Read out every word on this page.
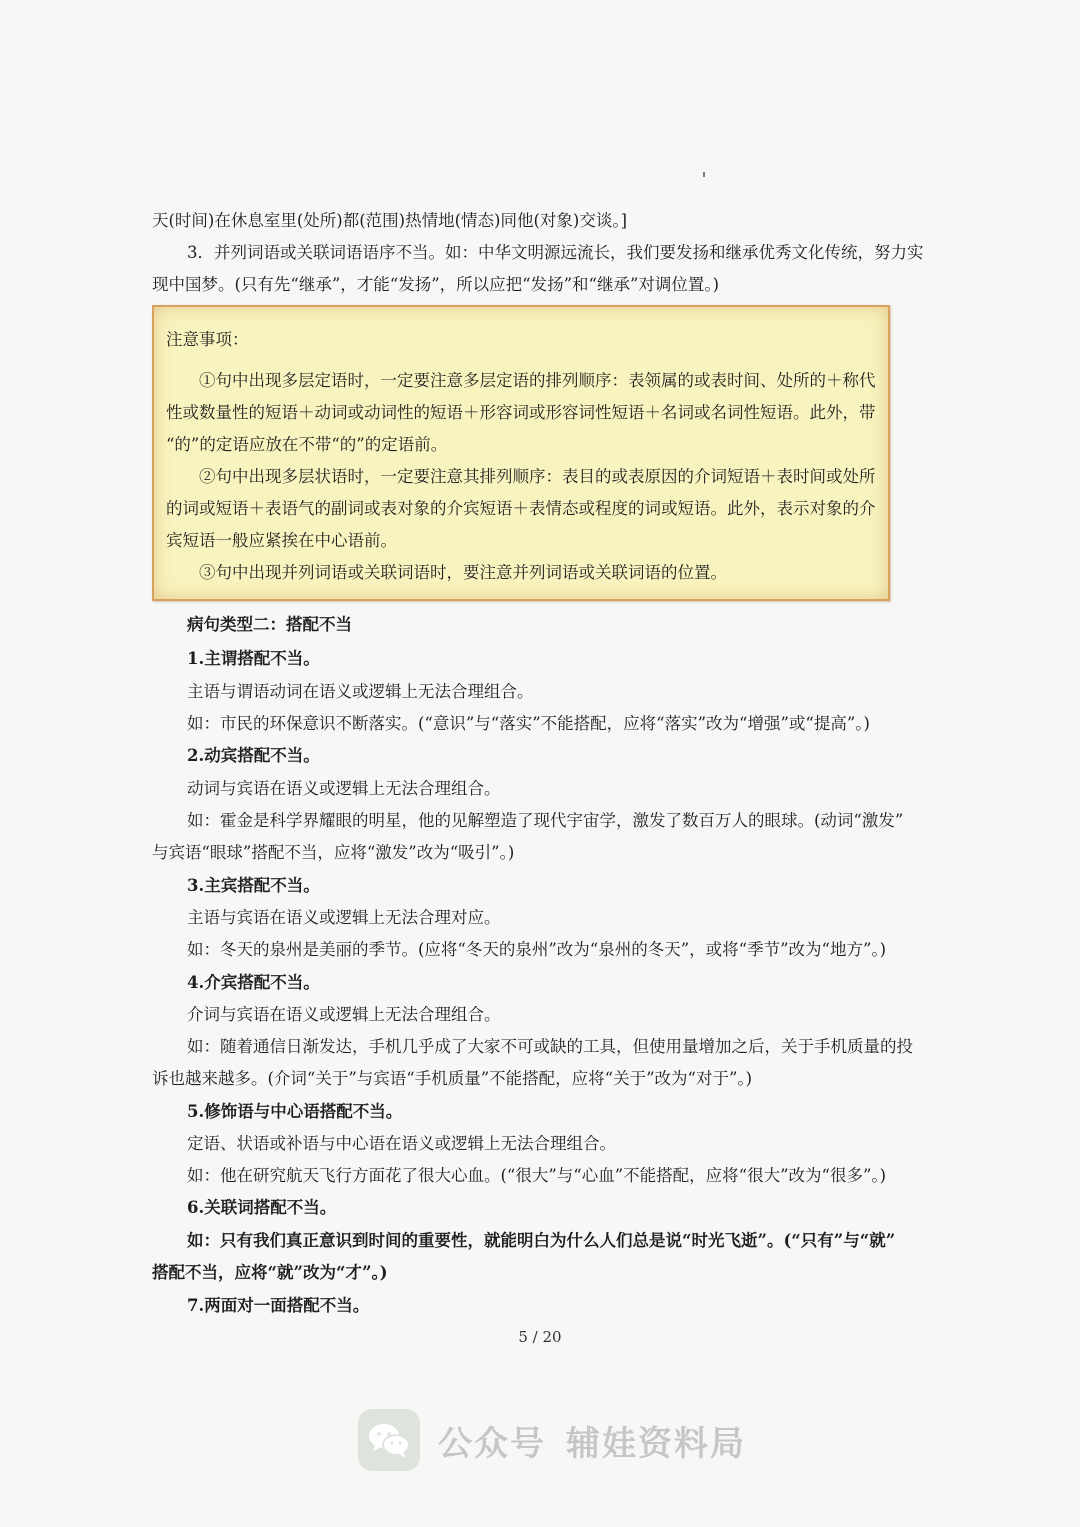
天(时间)在休息室里(处所)都(范围)热情地(情态)同他(对象)交谈。]
3．并列词语或关联词语语序不当。如：中华文明源远流长，我们要发扬和继承优秀文化传统，努力实
现中国梦。(只有先“继承”，才能“发扬”，所以应把“发扬”和“继承”对调位置。)
注意事项：
①句中出现多层定语时，一定要注意多层定语的排列顺序：表领属的或表时间、处所的＋称代
性或数量性的短语＋动词或动词性的短语＋形容词或形容词性短语＋名词或名词性短语。此外，带
“的”的定语应放在不带“的”的定语前。
②句中出现多层状语时，一定要注意其排列顺序：表目的或表原因的介词短语＋表时间或处所
的词或短语＋表语气的副词或表对象的介宾短语＋表情态或程度的词或短语。此外，表示对象的介
宾短语一般应紧挨在中心语前。
③句中出现并列词语或关联词语时，要注意并列词语或关联词语的位置。
病句类型二：搭配不当
1.主谓搭配不当。
主语与谓语动词在语义或逻辑上无法合理组合。
如：市民的环保意识不断落实。(“意识”与“落实”不能搭配，应将“落实”改为“增强”或“提高”。)
2.动宾搭配不当。
动词与宾语在语义或逻辑上无法合理组合。
如：霍金是科学界耀眼的明星，他的见解塑造了现代宇宙学，激发了数百万人的眼球。(动词“激发”
与宾语“眼球”搭配不当，应将“激发”改为“吸引”。)
3.主宾搭配不当。
主语与宾语在语义或逻辑上无法合理对应。
如：冬天的泉州是美丽的季节。(应将“冬天的泉州”改为“泉州的冬天”，或将“季节”改为“地方”。)
4.介宾搭配不当。
介词与宾语在语义或逻辑上无法合理组合。
如：随着通信日渐发达，手机几乎成了大家不可或缺的工具，但使用量增加之后，关于手机质量的投
诉也越来越多。(介词“关于”与宾语“手机质量”不能搭配，应将“关于”改为“对于”。)
5.修饰语与中心语搭配不当。
定语、状语或补语与中心语在语义或逻辑上无法合理组合。
如：他在研究航天飞行方面花了很大心血。(“很大”与“心血”不能搭配，应将“很大”改为“很多”。)
6.关联词搭配不当。
如：只有我们真正意识到时间的重要性，就能明白为什么人们总是说“时光飞逝”。(“只有”与“就”
搭配不当，应将“就”改为“才”。)
7.两面对一面搭配不当。
5 / 20
公众号 辅娃资料局
